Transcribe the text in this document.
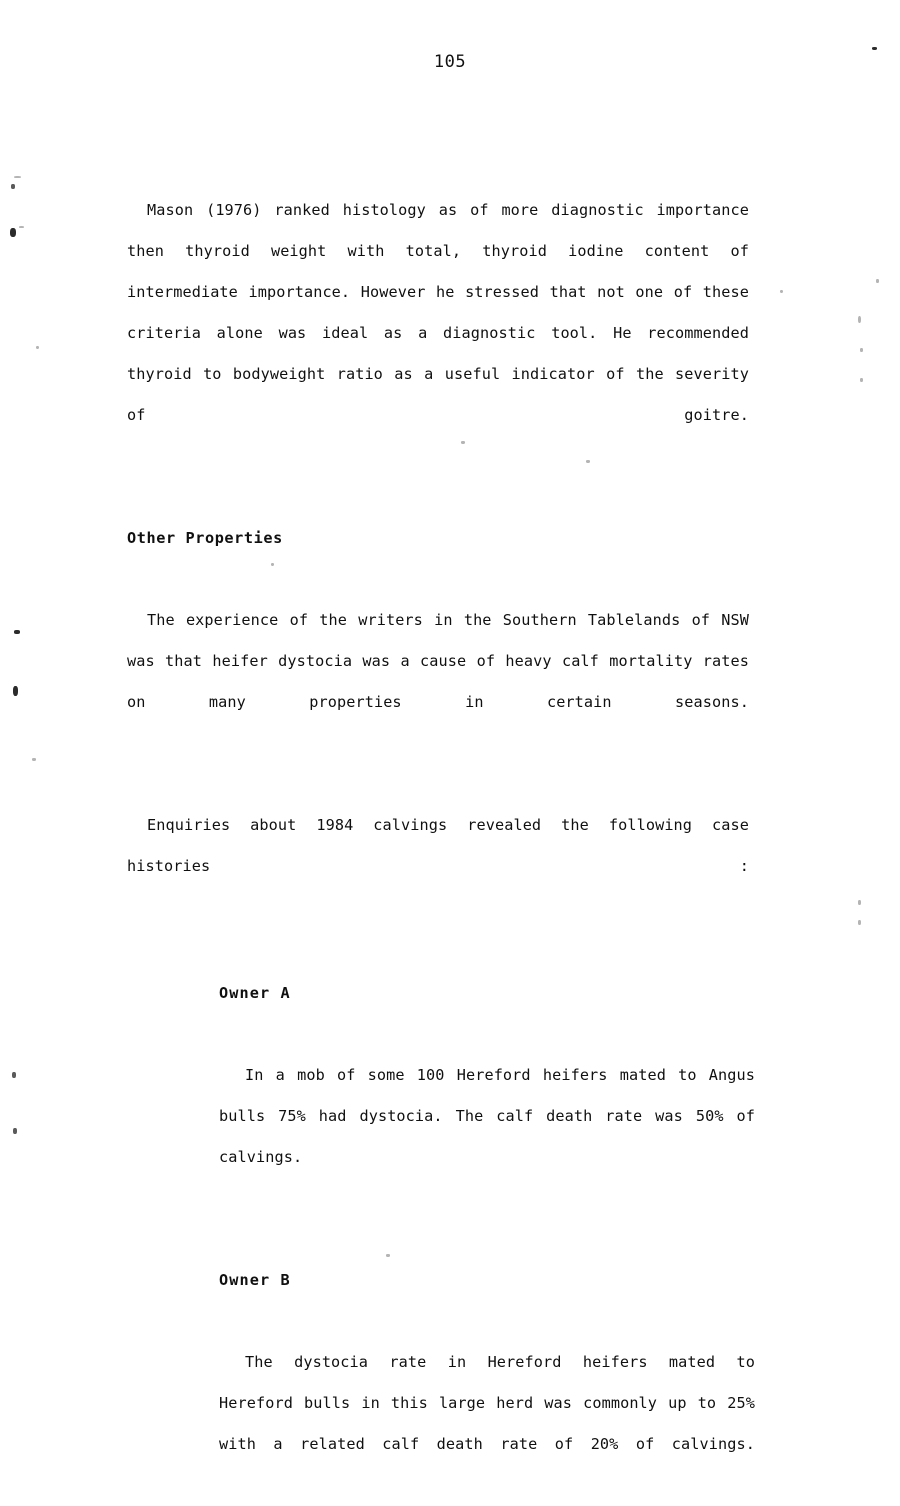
105

Mason (1976) ranked histology as of more diagnostic importance then thyroid weight with total, thyroid iodine content of intermediate importance. However he stressed that not one of these criteria alone was ideal as a diagnostic tool. He recommended thyroid to bodyweight ratio as a useful indicator of the severity of goitre.

Other Properties

The experience of the writers in the Southern Tablelands of NSW was that heifer dystocia was a cause of heavy calf mortality rates on many properties in certain seasons.

Enquiries about 1984 calvings revealed the following case histories :

Owner A

In a mob of some 100 Hereford heifers mated to Angus bulls 75% had dystocia. The calf death rate was 50% of calvings.

Owner B

The dystocia rate in Hereford heifers mated to Hereford bulls in this large herd was commonly up to 25% with a related calf death rate of 20% of calvings.
